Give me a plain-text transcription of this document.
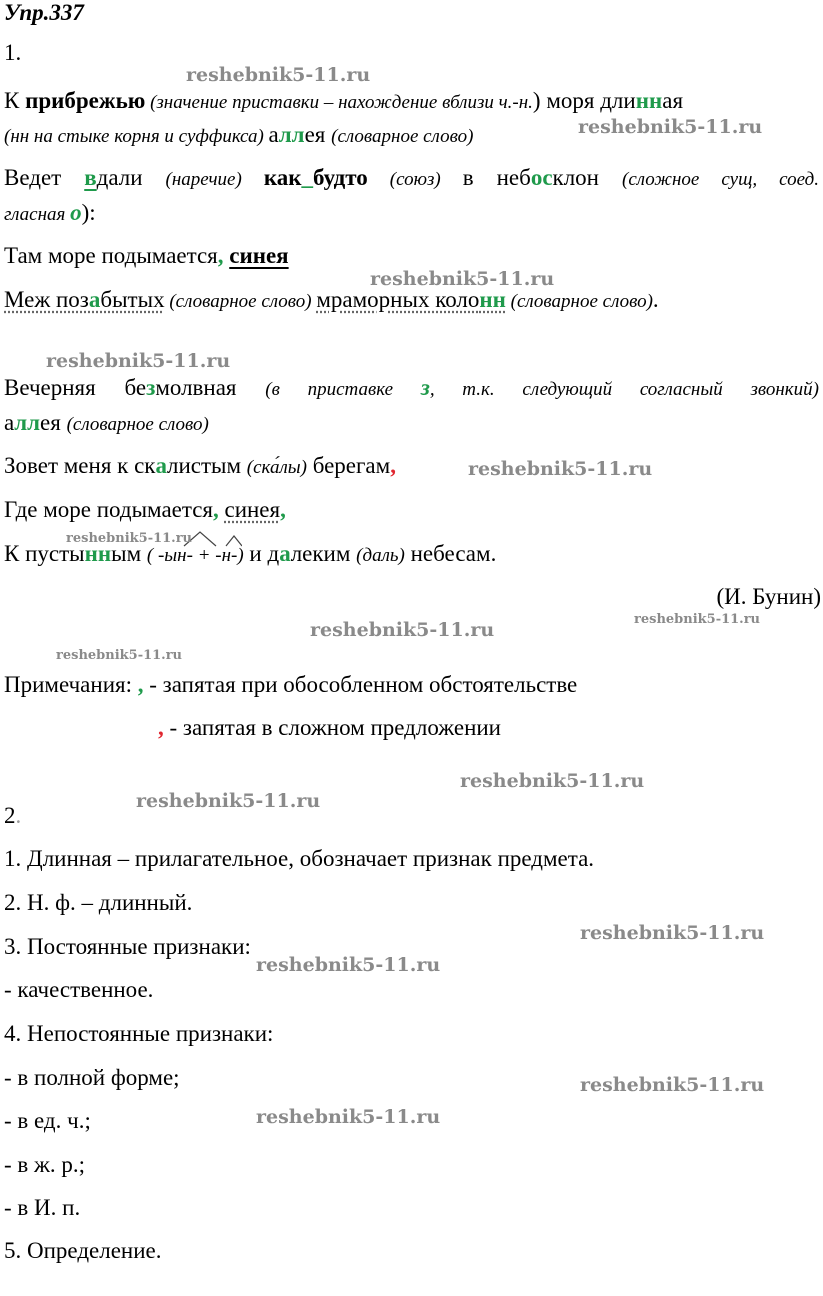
Упр.337
1.
К прибрежью (значение приставки – нахождение вблизи ч.-н.) моря длинная
(нн на стыке корня и суффикса) аллея (словарное слово)
Ведет вдали (наречие) как_будто (союз) в небосклон (сложное сущ, соед.
гласная о):
Там море подымается, синея
Меж позабытых (словарное слово) мраморных колонн (словарное слово).
Вечерняя безмолвная (в приставке з, т.к. следующий согласный звонкий)
аллея (словарное слово)
Зовет меня к скалистым (ска́лы) берегам,
Где море подымается, синея,
К пустынным ( -ын- + -н-) и далеким (даль) небесам.
(И. Бунин)
Примечания: , - запятая при обособленном обстоятельстве
, - запятая в сложном предложении
2.
1. Длинная – прилагательное, обозначает признак предмета.
2. Н. ф. – длинный.
3. Постоянные признаки:
- качественное.
4. Непостоянные признаки:
- в полной форме;
- в ед. ч.;
- в ж. р.;
- в И. п.
5. Определение.
reshebnik5-11.ru
reshebnik5-11.ru
reshebnik5-11.ru
reshebnik5-11.ru
reshebnik5-11.ru
reshebnik5-11.ru
reshebnik5-11.ru	reshebnik5-11.ru
reshebnik5-11.ru
reshebnik5-11.ru
reshebnik5-11.ru
reshebnik5-11.ru
reshebnik5-11.ru
reshebnik5-11.ru
reshebnik5-11.ru
